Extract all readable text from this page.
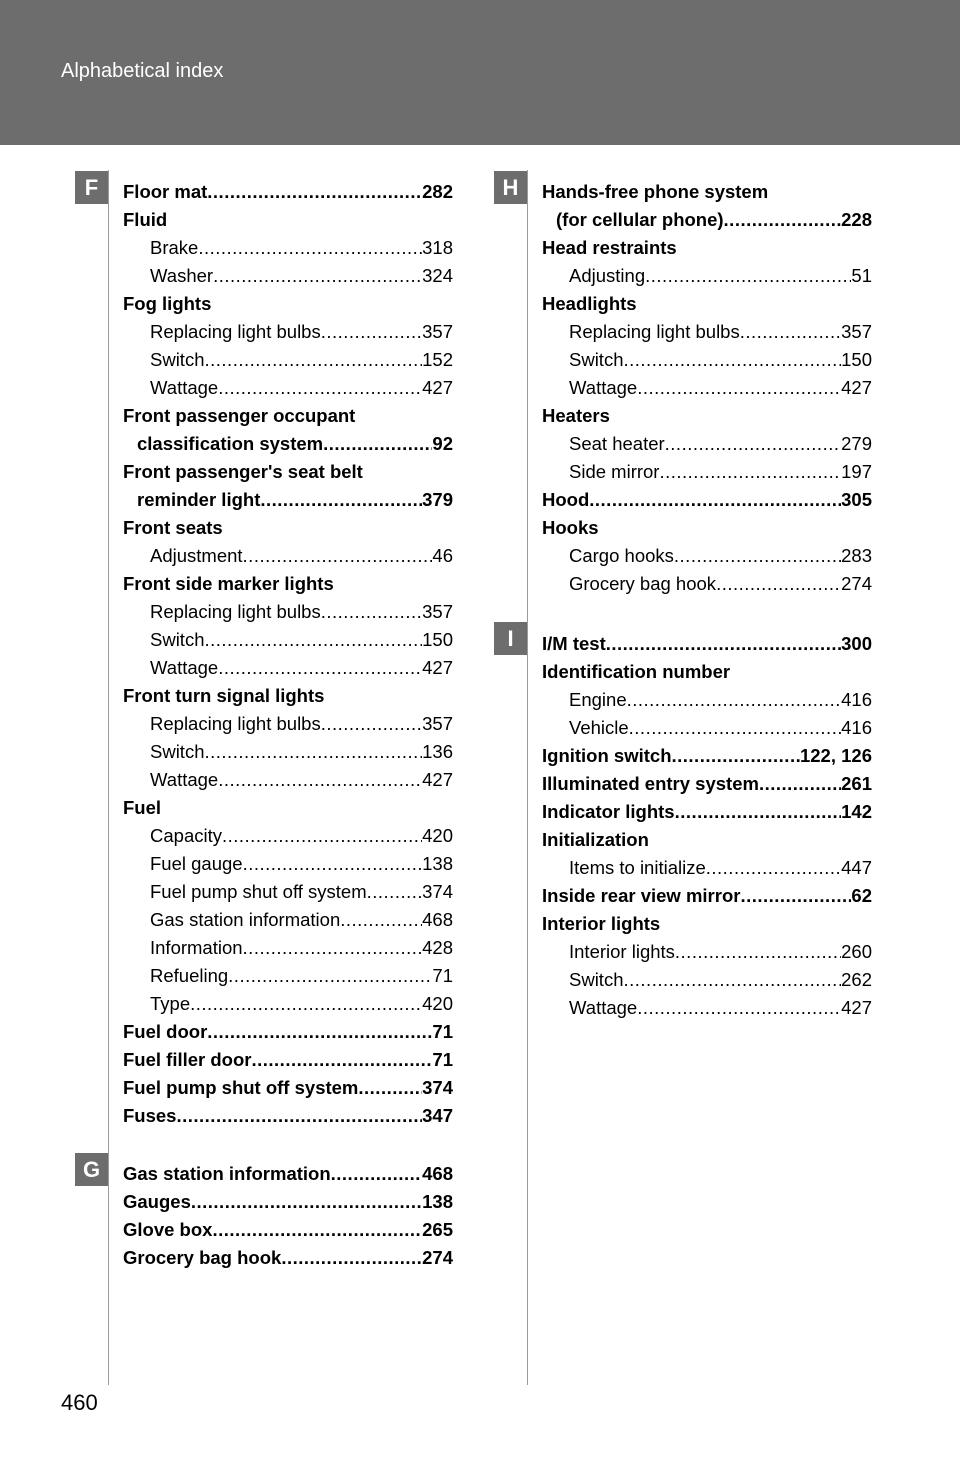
Alphabetical index
F	Floor mat .....	282
Fluid
Brake .....	318
Washer .....	324
Fog lights
Replacing light bulbs .....	357
Switch .....	152
Wattage .....	427
Front passenger occupant
classification system .....	92
Front passenger's seat belt
reminder light .....	379
Front seats
Adjustment .....	46
Front side marker lights
Replacing light bulbs .....	357
Switch .....	150
Wattage .....	427
Front turn signal lights
Replacing light bulbs .....	357
Switch .....	136
Wattage .....	427
Fuel
Capacity .....	420
Fuel gauge .....	138
Fuel pump shut off system .....	374
Gas station information .....	468
Information .....	428
Refueling .....	71
Type .....	420
Fuel door .....	71
Fuel filler door .....	71
Fuel pump shut off system .....	374
Fuses .....	347
G	Gas station information .....	468
Gauges .....	138
Glove box .....	265
Grocery bag hook .....	274
H	Hands-free phone system
(for cellular phone) .....	228
Head restraints
Adjusting .....	51
Headlights
Replacing light bulbs .....	357
Switch .....	150
Wattage .....	427
Heaters
Seat heater .....	279
Side mirror .....	197
Hood .....	305
Hooks
Cargo hooks .....	283
Grocery bag hook .....	274
I	I/M test .....	300
Identification number
Engine .....	416
Vehicle .....	416
Ignition switch .....	122, 126
Illuminated entry system .....	261
Indicator lights .....	142
Initialization
Items to initialize .....	447
Inside rear view mirror .....	62
Interior lights
Interior lights .....	260
Switch .....	262
Wattage .....	427
460
